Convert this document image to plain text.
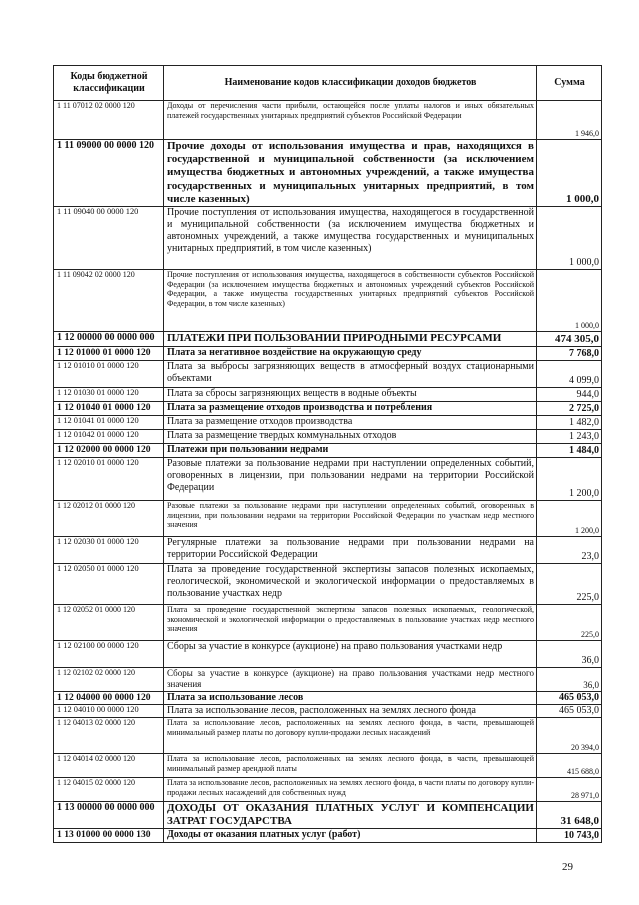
Коды бюджетной классификации	Наименование кодов классификации доходов бюджетов	Сумма
1 11 07012 02 0000 120	Доходы от перечисления части прибыли, остающейся после уплаты налогов и иных обязательных платежей государственных унитарных предприятий субъектов Российской Федерации	1 946,0
1 11 09000 00 0000 120	Прочие доходы от использования имущества и прав, находящихся в государственной и муниципальной собственности (за исключением имущества бюджетных и автономных учреждений, а также имущества государственных и муниципальных унитарных предприятий, в том числе казенных)	1 000,0
1 11 09040 00 0000 120	Прочие поступления от использования имущества, находящегося в государственной и муниципальной собственности (за исключением имущества бюджетных и автономных учреждений, а также имущества государственных и муниципальных унитарных предприятий, в том числе казенных)	1 000,0
1 11 09042 02 0000 120	Прочие поступления от использования имущества, находящегося в собственности субъектов Российской Федерации (за исключением имущества бюджетных и автономных учреждений субъектов Российской Федерации, а также имущества государственных унитарных предприятий субъектов Российской Федерации, в том числе казенных)	1 000,0
1 12 00000 00 0000 000	ПЛАТЕЖИ ПРИ ПОЛЬЗОВАНИИ ПРИРОДНЫМИ РЕСУРСАМИ	474 305,0
1 12 01000 01 0000 120	Плата за негативное воздействие на окружающую среду	7 768,0
1 12 01010 01 0000 120	Плата за выбросы загрязняющих веществ в атмосферный воздух стационарными объектами	4 099,0
1 12 01030 01 0000 120	Плата за сбросы загрязняющих веществ в водные объекты	944,0
1 12 01040 01 0000 120	Плата за размещение отходов производства и потребления	2 725,0
1 12 01041 01 0000 120	Плата за размещение отходов производства	1 482,0
1 12 01042 01 0000 120	Плата за размещение твердых коммунальных отходов	1 243,0
1 12 02000 00 0000 120	Платежи при пользовании недрами	1 484,0
1 12 02010 01 0000 120	Разовые платежи за пользование недрами при наступлении определенных событий, оговоренных в лицензии, при пользовании недрами на территории Российской Федерации	1 200,0
1 12 02012 01 0000 120	Разовые платежи за пользование недрами при наступлении определенных событий, оговоренных в лицензии, при пользовании недрами на территории Российской Федерации по участкам недр местного значения	1 200,0
1 12 02030 01 0000 120	Регулярные платежи за пользование недрами при пользовании недрами на территории Российской Федерации	23,0
1 12 02050 01 0000 120	Плата за проведение государственной экспертизы запасов полезных ископаемых, геологической, экономической и экологической информации о предоставляемых в пользование участках недр	225,0
1 12 02052 01 0000 120	Плата за проведение государственной экспертизы запасов полезных ископаемых, геологической, экономической и экологической информации о предоставляемых в пользование участках недр местного значения	225,0
1 12 02100 00 0000 120	Сборы за участие в конкурсе (аукционе) на право пользования участками недр	36,0
1 12 02102 02 0000 120	Сборы за участие в конкурсе (аукционе) на право пользования участками недр местного значения	36,0
1 12 04000 00 0000 120	Плата за использование лесов	465 053,0
1 12 04010 00 0000 120	Плата за использование лесов, расположенных на землях лесного фонда	465 053,0
1 12 04013 02 0000 120	Плата за использование лесов, расположенных на землях лесного фонда, в части, превышающей минимальный размер платы по договору купли-продажи лесных насаждений	20 394,0
1 12 04014 02 0000 120	Плата за использование лесов, расположенных на землях лесного фонда, в части, превышающей минимальный размер арендной платы	415 688,0
1 12 04015 02 0000 120	Плата за использование лесов, расположенных на землях лесного фонда, в части платы по договору купли-продажи лесных насаждений для собственных нужд	28 971,0
1 13 00000 00 0000 000	ДОХОДЫ ОТ ОКАЗАНИЯ ПЛАТНЫХ УСЛУГ И КОМПЕНСАЦИИ ЗАТРАТ ГОСУДАРСТВА	31 648,0
1 13 01000 00 0000 130	Доходы от оказания платных услуг (работ)	10 743,0
29
